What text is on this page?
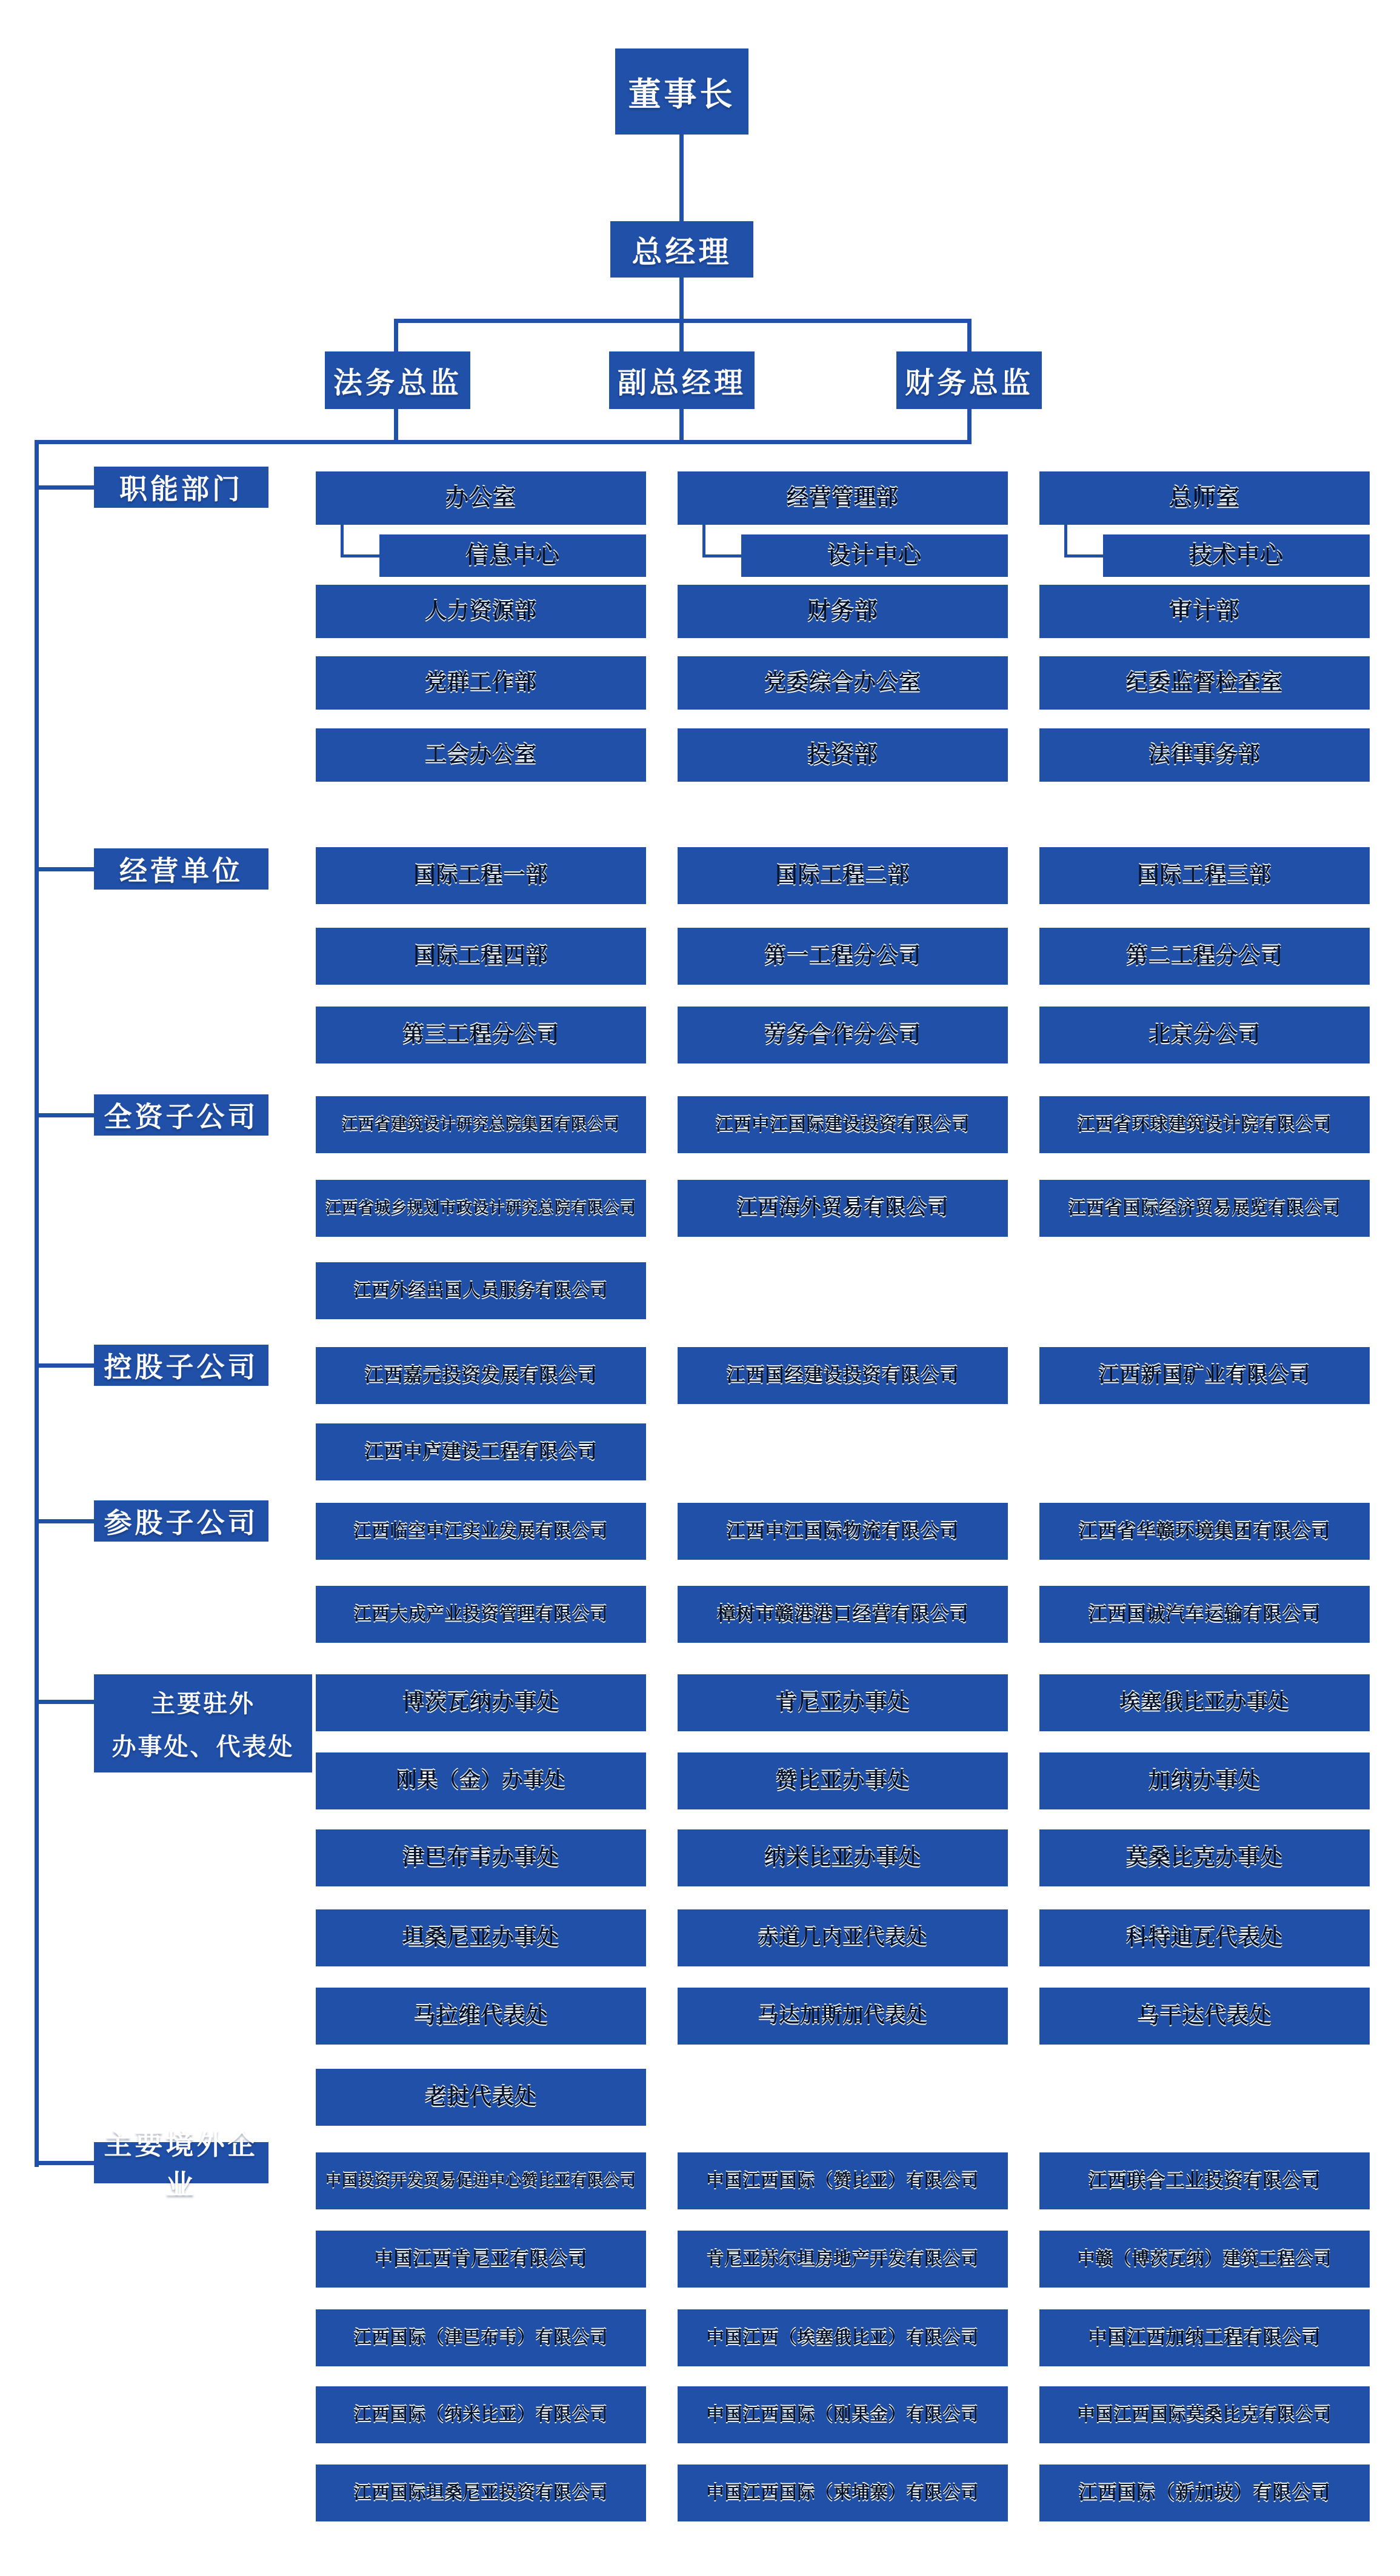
董事长
总经理
法务总监	副总经理	财务总监
职能部门	办公室	经营管理部	总师室
信息中心	设计中心	技术中心
人力资源部	财务部	审计部
党群工作部	党委综合办公室	纪委监督检查室
工会办公室	投资部	法律事务部
经营单位	国际工程一部	国际工程二部	国际工程三部
国际工程四部	第一工程分公司	第二工程分公司
第三工程分公司	劳务合作分公司	北京分公司
全资子公司	江西省建筑设计研究总院集团有限公司	江西中江国际建设投资有限公司	江西省环球建筑设计院有限公司
江西省城乡规划市政设计研究总院有限公司	江西海外贸易有限公司	江西省国际经济贸易展览有限公司
江西外经出国人员服务有限公司
控股子公司	江西嘉元投资发展有限公司	江西国经建设投资有限公司	江西新国矿业有限公司
江西中庐建设工程有限公司
参股子公司	江西临空中江实业发展有限公司	江西中江国际物流有限公司	江西省华赣环境集团有限公司
江西大成产业投资管理有限公司	樟树市赣港港口经营有限公司	江西国诚汽车运输有限公司
主要驻外
办事处、代表处
博茨瓦纳办事处	肯尼亚办事处	埃塞俄比亚办事处
刚果（金）办事处	赞比亚办事处	加纳办事处
津巴布韦办事处	纳米比亚办事处	莫桑比克办事处
坦桑尼亚办事处	赤道几内亚代表处	科特迪瓦代表处
马拉维代表处	马达加斯加代表处	乌干达代表处
老挝代表处
主要境外企业	中国投资开发贸易促进中心赞比亚有限公司	中国江西国际（赞比亚）有限公司	江西联合工业投资有限公司
中国江西肯尼亚有限公司	肯尼亚苏尔坦房地产开发有限公司	中赣（博茨瓦纳）建筑工程公司
江西国际（津巴布韦）有限公司	中国江西（埃塞俄比亚）有限公司	中国江西加纳工程有限公司
江西国际（纳米比亚）有限公司	中国江西国际（刚果金）有限公司	中国江西国际莫桑比克有限公司
江西国际坦桑尼亚投资有限公司	中国江西国际（柬埔寨）有限公司	江西国际（新加坡）有限公司
